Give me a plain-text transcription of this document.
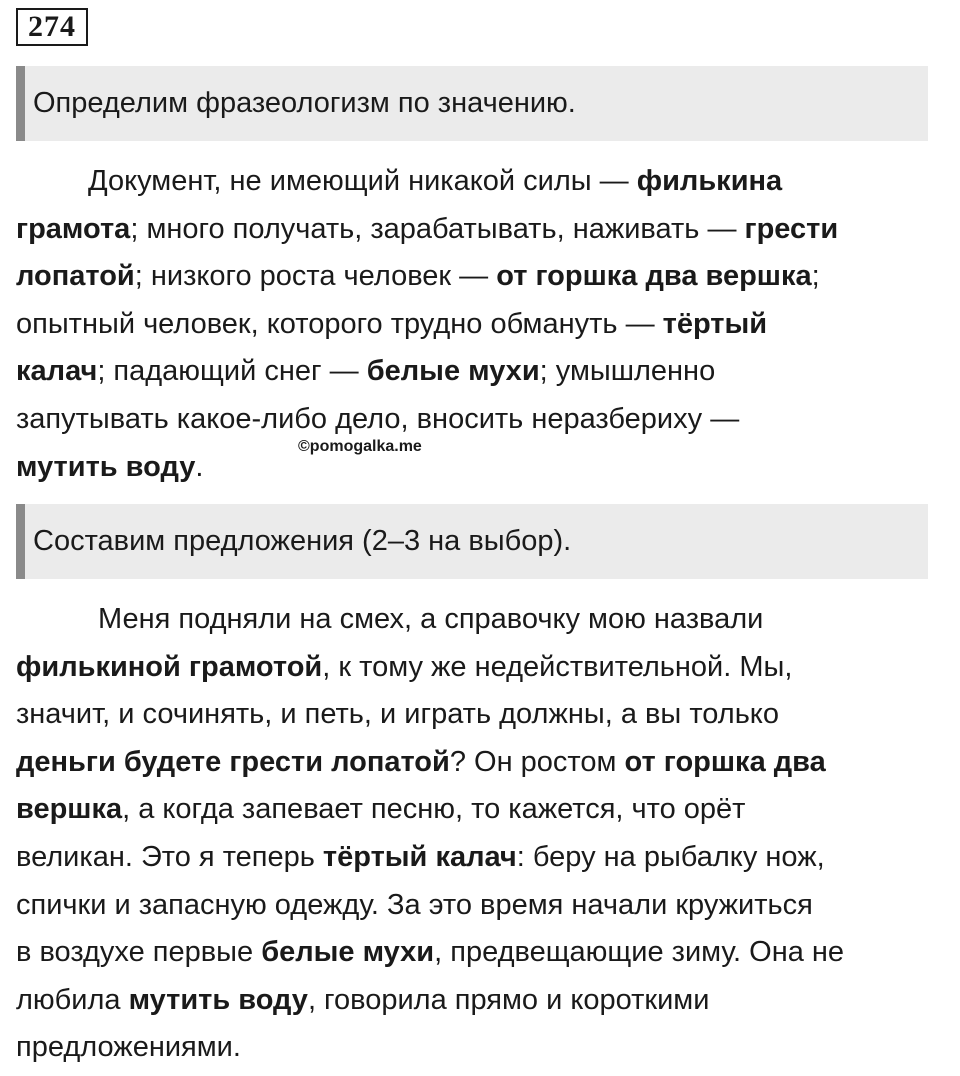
274
Определим фразеологизм по значению.
Документ, не имеющий никакой силы — филькина
грамота; много получать, зарабатывать, наживать — грести
лопатой; низкого роста человек — от горшка два вершка;
опытный человек, которого трудно обмануть — тёртый
калач; падающий снег — белые мухи; умышленно
запутывать какое-либо дело, вносить неразбериху —
мутить воду.
©pomogalka.me
Составим предложения (2–3 на выбор).
Меня подняли на смех, а справочку мою назвали
филькиной грамотой, к тому же недействительной. Мы,
значит, и сочинять, и петь, и играть должны, а вы только
деньги будете грести лопатой? Он ростом от горшка два
вершка, а когда запевает песню, то кажется, что орёт
великан. Это я теперь тёртый калач: беру на рыбалку нож,
спички и запасную одежду. За это время начали кружиться
в воздухе первые белые мухи, предвещающие зиму. Она не
любила мутить воду, говорила прямо и короткими
предложениями.
